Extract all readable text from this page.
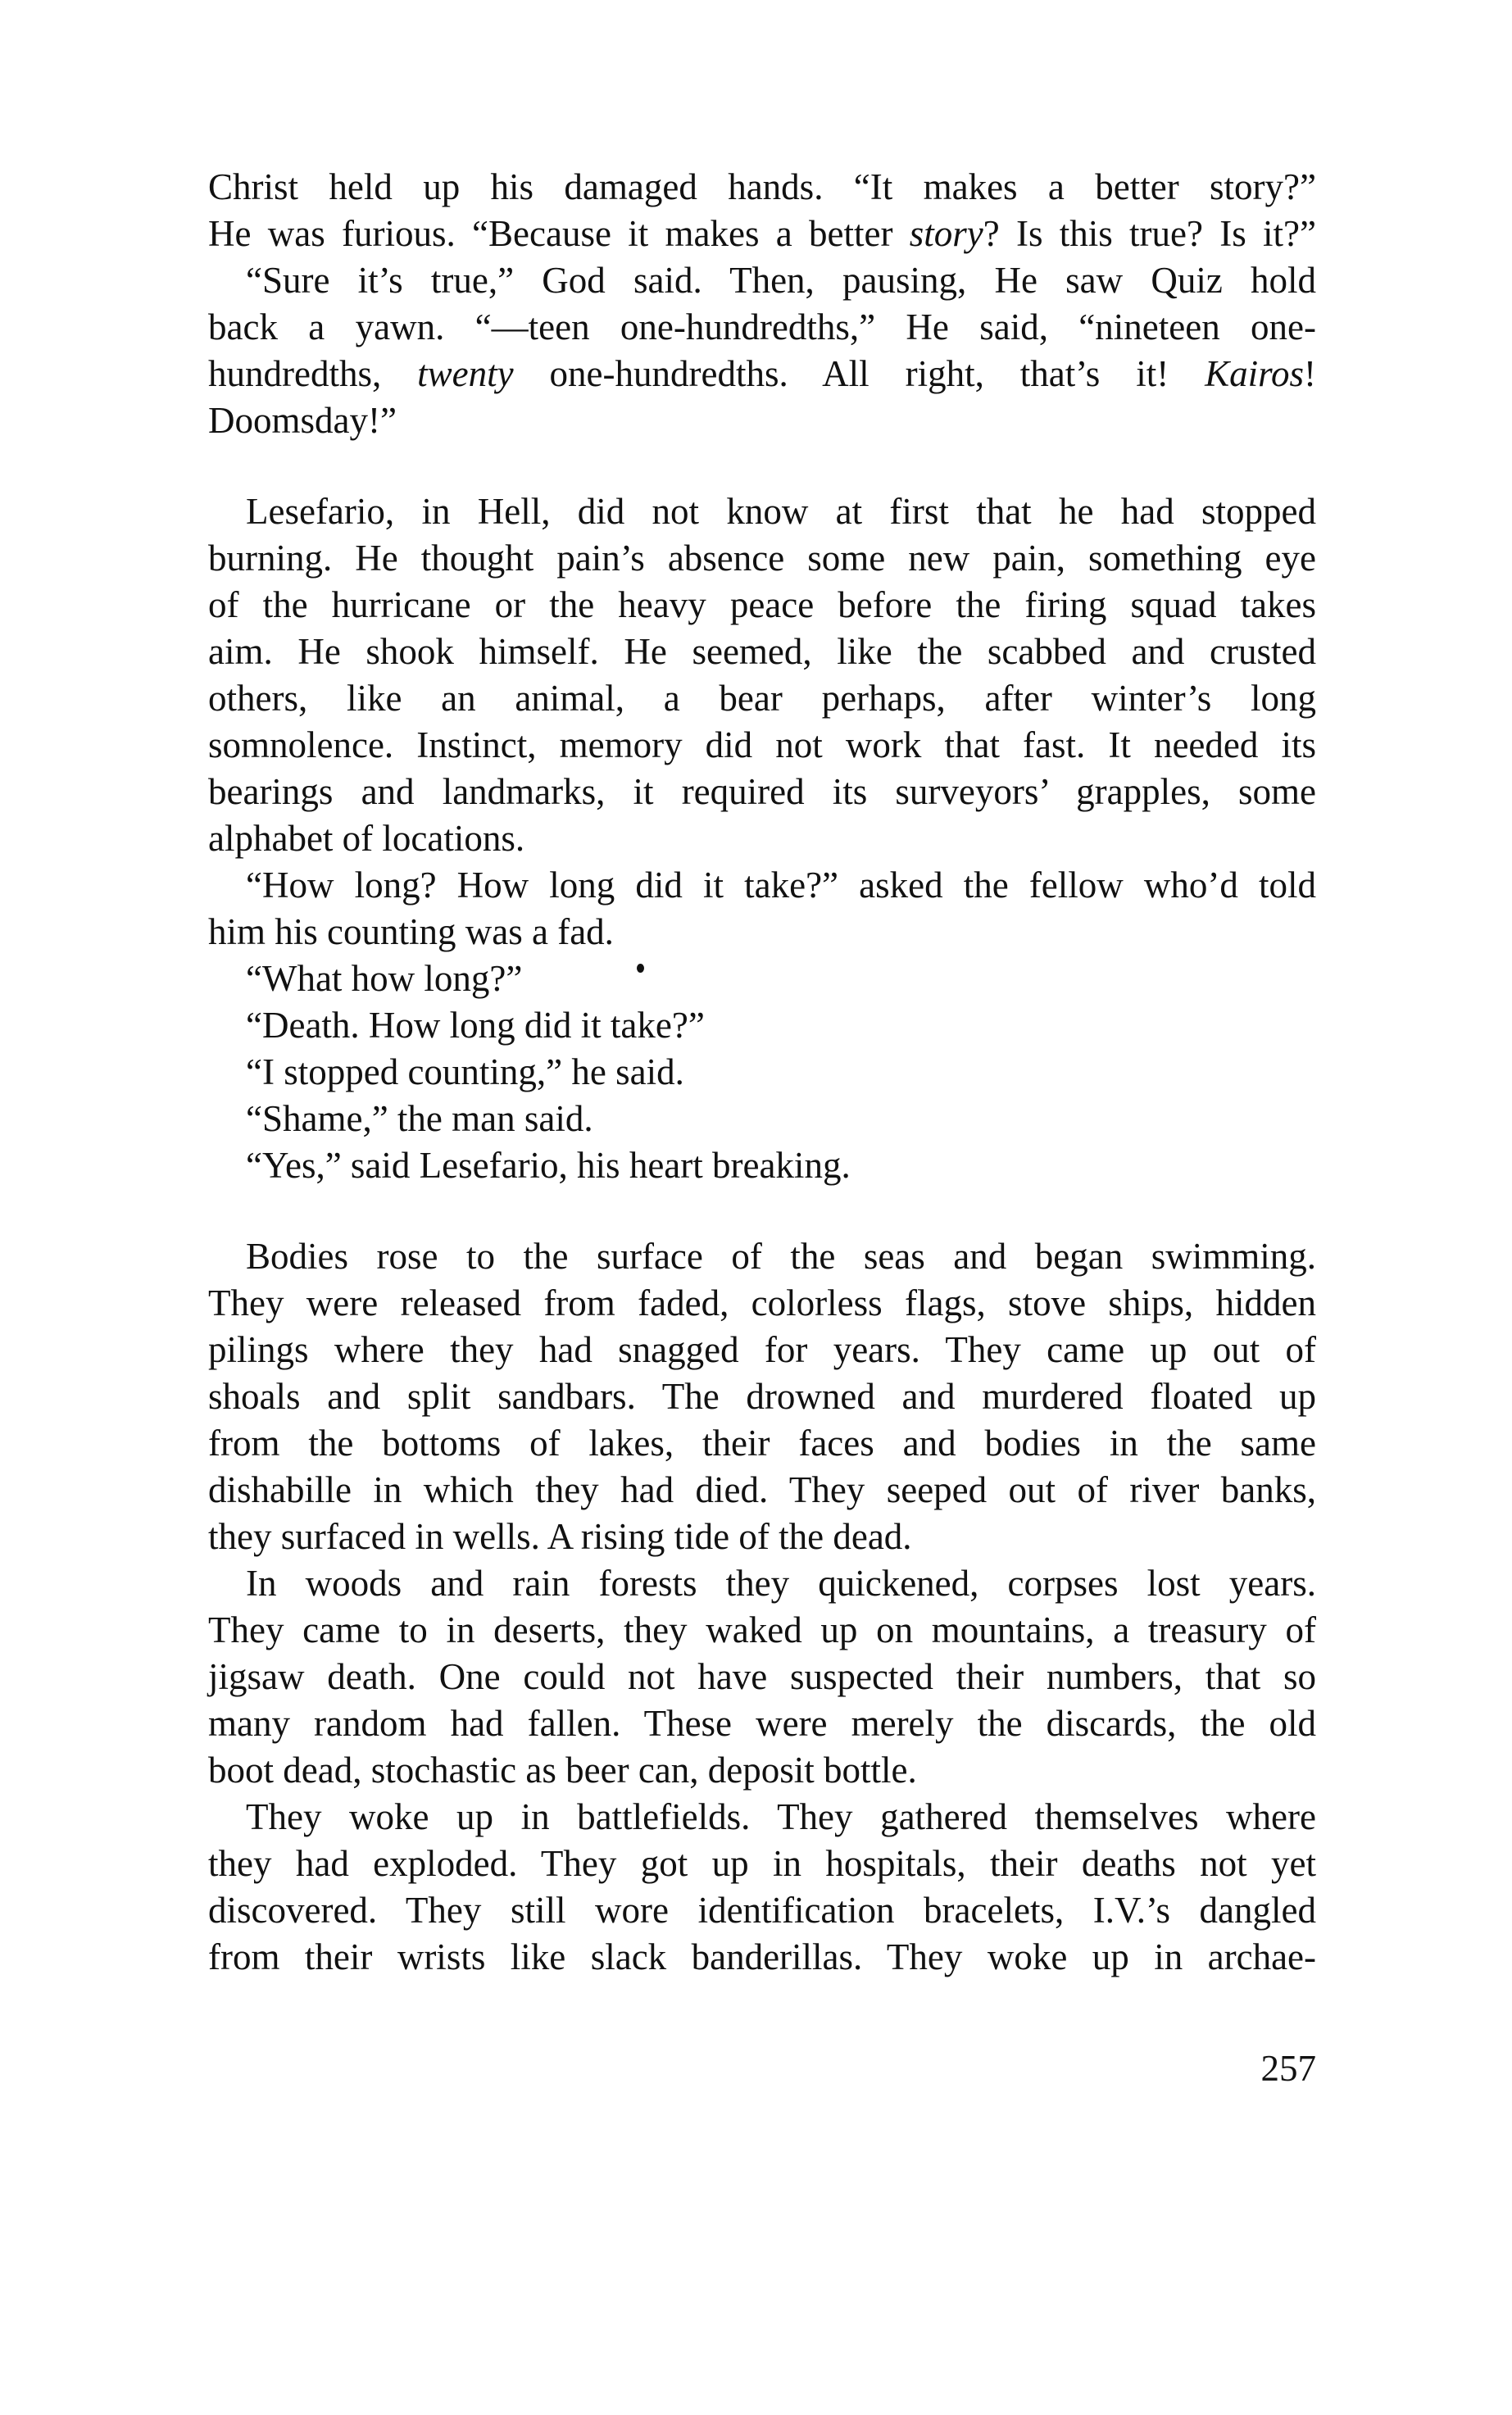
Christ held up his damaged hands. “It makes a better story?”
He was furious. “Because it makes a better story? Is this true? Is it?”
“Sure it’s true,” God said. Then, pausing, He saw Quiz hold
back a yawn. “—teen one-hundredths,” He said, “nineteen one-
hundredths, twenty one-hundredths. All right, that’s it! Kairos!
Doomsday!”
Lesefario, in Hell, did not know at first that he had stopped
burning. He thought pain’s absence some new pain, something eye
of the hurricane or the heavy peace before the firing squad takes
aim. He shook himself. He seemed, like the scabbed and crusted
others, like an animal, a bear perhaps, after winter’s long
somnolence. Instinct, memory did not work that fast. It needed its
bearings and landmarks, it required its surveyors’ grapples, some
alphabet of locations.
“How long? How long did it take?” asked the fellow who’d told
him his counting was a fad.
“What how long?”
“Death. How long did it take?”
“I stopped counting,” he said.
“Shame,” the man said.
“Yes,” said Lesefario, his heart breaking.
Bodies rose to the surface of the seas and began swimming.
They were released from faded, colorless flags, stove ships, hidden
pilings where they had snagged for years. They came up out of
shoals and split sandbars. The drowned and murdered floated up
from the bottoms of lakes, their faces and bodies in the same
dishabille in which they had died. They seeped out of river banks,
they surfaced in wells. A rising tide of the dead.
In woods and rain forests they quickened, corpses lost years.
They came to in deserts, they waked up on mountains, a treasury of
jigsaw death. One could not have suspected their numbers, that so
many random had fallen. These were merely the discards, the old
boot dead, stochastic as beer can, deposit bottle.
They woke up in battlefields. They gathered themselves where
they had exploded. They got up in hospitals, their deaths not yet
discovered. They still wore identification bracelets, I.V.’s dangled
from their wrists like slack banderillas. They woke up in archae-
257
